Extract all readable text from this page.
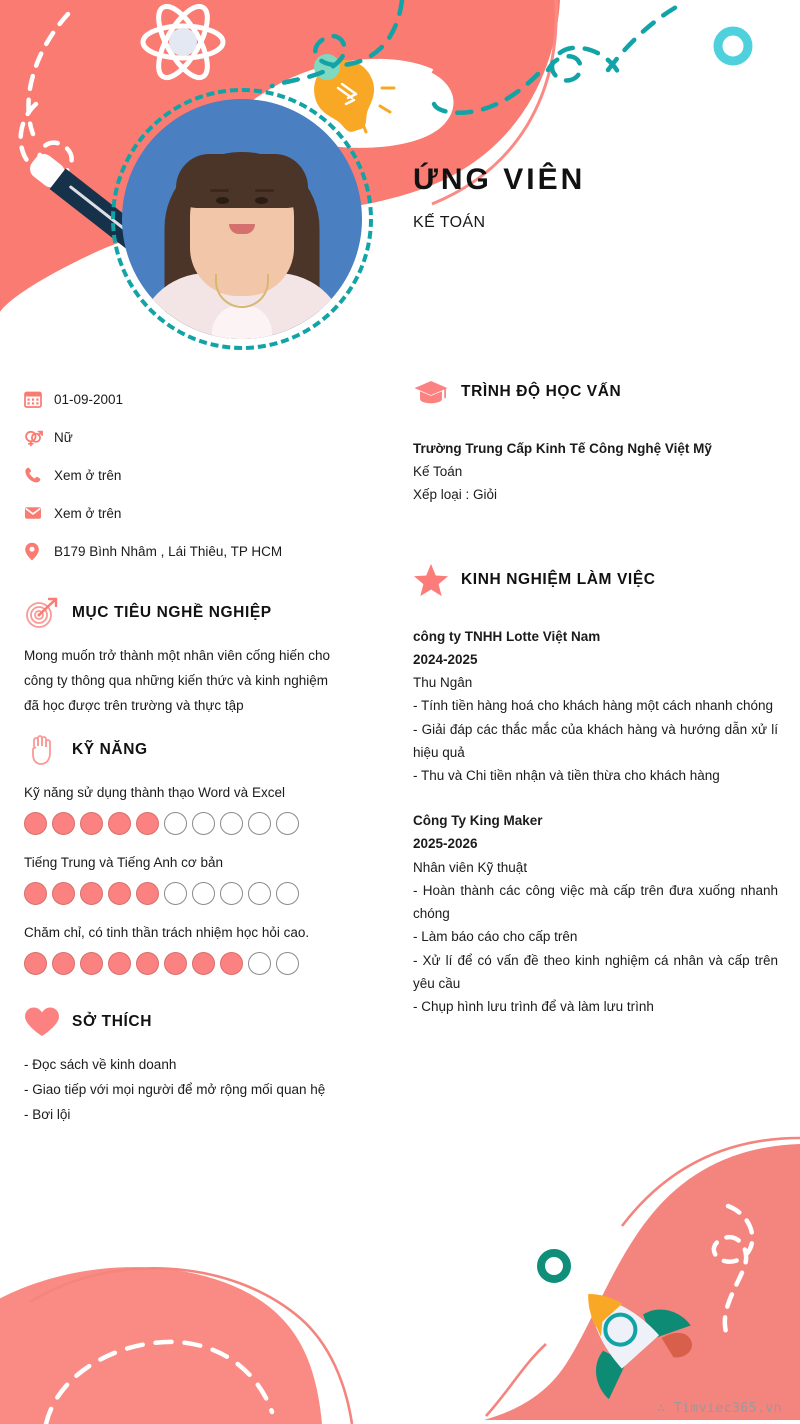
ỨNG VIÊN
KẾ TOÁN
01-09-2001
Nữ
Xem ở trên
Xem ở trên
B179 Bình Nhâm , Lái Thiêu, TP HCM
MỤC TIÊU NGHỀ NGHIỆP
Mong muốn trở thành một nhân viên cống hiến cho công ty thông qua những kiến thức và kinh nghiệm đã học được trên trường và thực tập
KỸ NĂNG
Kỹ năng sử dụng thành thạo Word và Excel
Tiếng Trung và Tiếng Anh cơ bản
Chăm chỉ, có tinh thần trách nhiệm học hỏi cao.
SỞ THÍCH
- Đọc sách về kinh doanh
- Giao tiếp với mọi người để mở rộng mối quan hệ
- Bơi lội
TRÌNH ĐỘ HỌC VẤN
Trường Trung Cấp Kinh Tế Công Nghệ Việt Mỹ
Kế Toán
Xếp loại : Giỏi
KINH NGHIỆM LÀM VIỆC
công ty TNHH Lotte Việt Nam
2024-2025
Thu Ngân
- Tính tiền hàng hoá cho khách hàng một cách nhanh chóng
- Giải đáp các thắc mắc của khách hàng và hướng dẫn xử lí hiệu quả
- Thu và Chi tiền nhận và tiền thừa cho khách hàng
Công Ty King Maker
2025-2026
Nhân viên Kỹ thuật
- Hoàn thành các công việc mà cấp trên đưa xuống nhanh chóng
- Làm báo cáo cho cấp trên
- Xử lí để có vấn đề theo kinh nghiệm cá nhân và cấp trên yêu cầu
- Chụp hình lưu trình để và làm lưu trình
∴ Timviec365.vn
